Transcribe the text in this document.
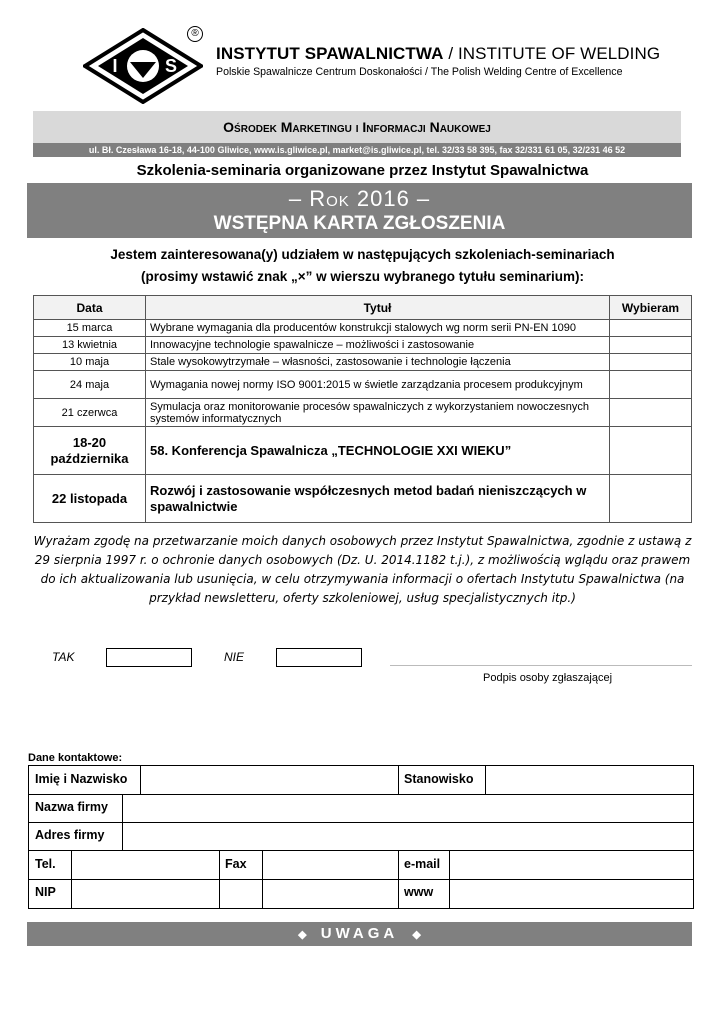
I	S
®
INSTYTUT SPAWALNICTWA / INSTITUTE OF WELDING
Polskie Spawalnicze Centrum Doskonałości / The Polish Welding Centre of Excellence
Ośrodek Marketingu i Informacji Naukowej
ul. Bł. Czesława 16-18, 44-100 Gliwice, www.is.gliwice.pl, market@is.gliwice.pl, tel. 32/33 58 395, fax 32/331 61 05, 32/231 46 52
Szkolenia-seminaria organizowane przez Instytut Spawalnictwa
– Rok 2016 –
WSTĘPNA KARTA ZGŁOSZENIA
Jestem zainteresowana(y) udziałem w następujących szkoleniach-seminariach
(prosimy wstawić znak „×” w wierszu wybranego tytułu seminarium):
Data	Tytuł	Wybieram
15 marca	Wybrane wymagania dla producentów konstrukcji stalowych wg norm serii PN-EN 1090	
13 kwietnia	Innowacyjne technologie spawalnicze – możliwości i zastosowanie	
10 maja	Stale wysokowytrzymałe – własności, zastosowanie i technologie łączenia	
24 maja	Wymagania nowej normy ISO 9001:2015 w świetle zarządzania procesem produkcyjnym	
21 czerwca	Symulacja oraz monitorowanie procesów spawalniczych z wykorzystaniem nowoczesnych systemów informatycznych	
18-20 października	58. Konferencja Spawalnicza „TECHNOLOGIE XXI WIEKU”	
22 listopada	Rozwój i zastosowanie współczesnych metod badań nieniszczących w spawalnictwie	
Wyrażam zgodę na przetwarzanie moich danych osobowych przez Instytut Spawalnictwa, zgodnie z ustawą z 29 sierpnia 1997 r. o ochronie danych osobowych (Dz. U. 2014.1182 t.j.), z możliwością wglądu oraz prawem do ich aktualizowania lub usunięcia, w celu otrzymywania informacji o ofertach Instytutu Spawalnictwa (na przykład newsletteru, oferty szkoleniowej, usług specjalistycznych itp.)
TAK	NIE
Podpis osoby zgłaszającej
Dane kontaktowe:
Imię i Nazwisko	Stanowisko
Nazwa firmy
Adres firmy
Tel.	Fax	e-mail
NIP	www
◆ UWAGA ◆
